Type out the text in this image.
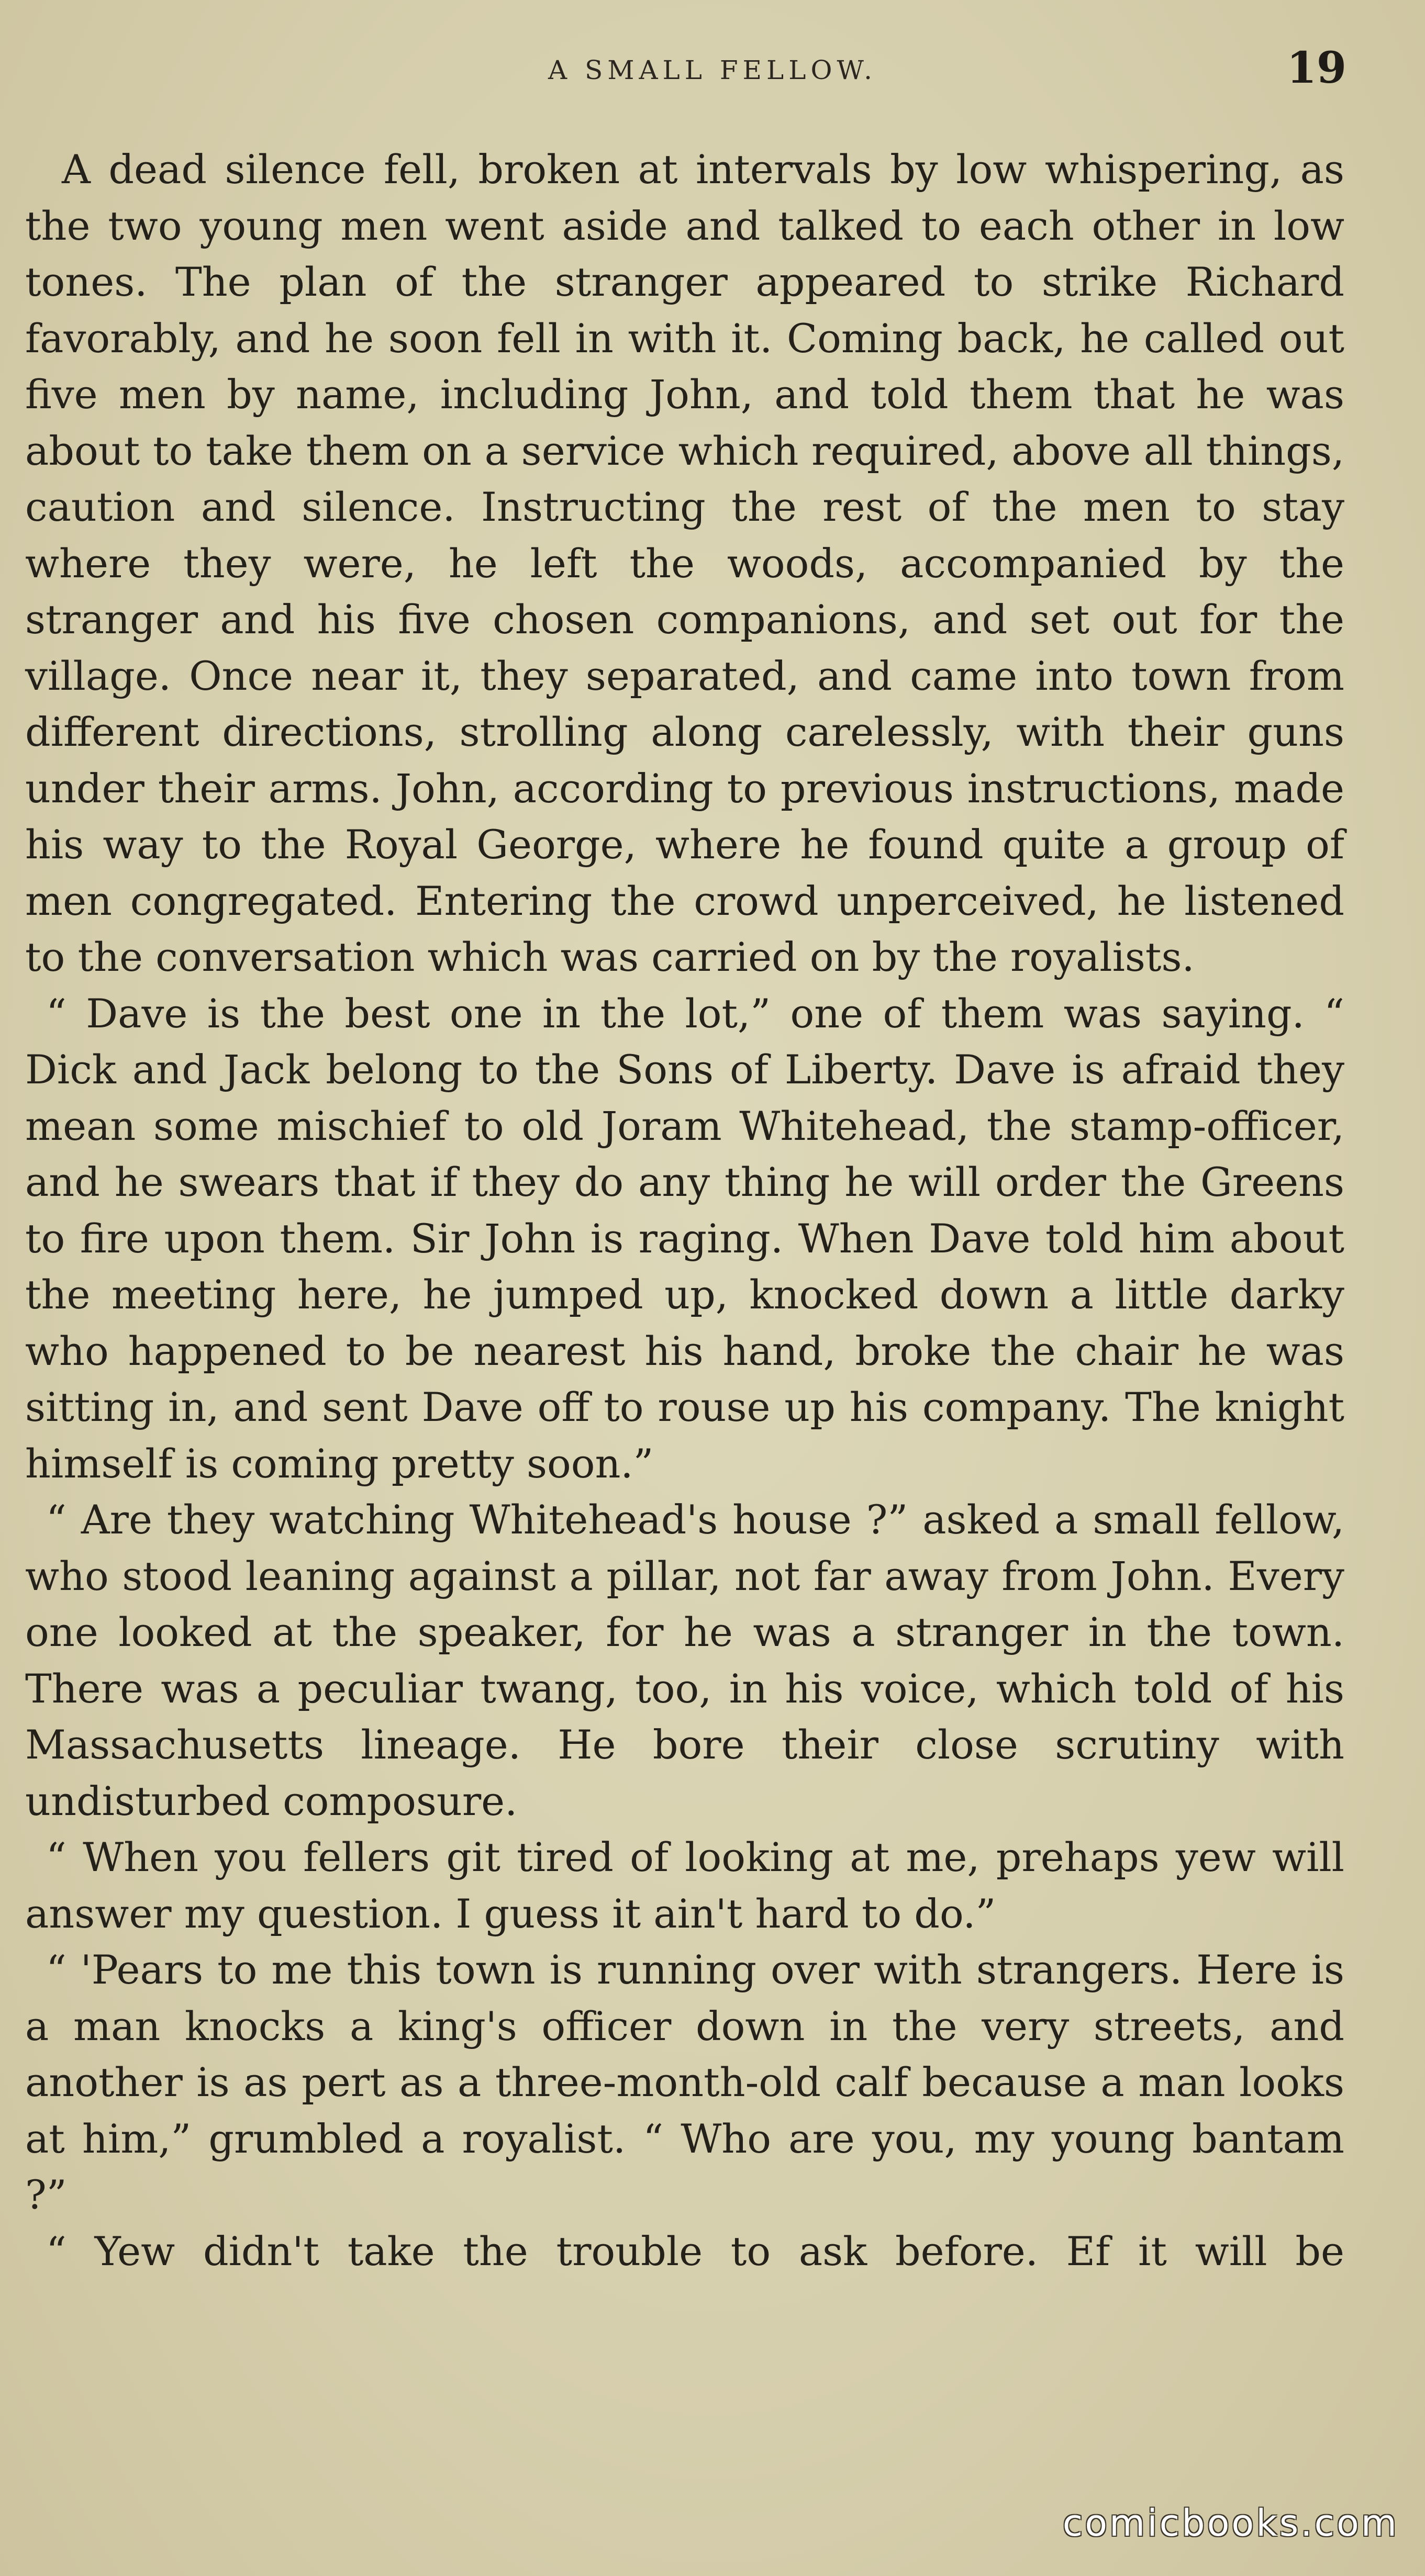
A SMALL FELLOW.	19

A dead silence fell, broken at intervals by low whispering, as the two young men went aside and talked to each other in low tones. The plan of the stranger appeared to strike Richard favorably, and he soon fell in with it. Coming back, he called out five men by name, including John, and told them that he was about to take them on a service which required, above all things, caution and silence. Instructing the rest of the men to stay where they were, he left the woods, accompanied by the stranger and his five chosen companions, and set out for the village. Once near it, they separated, and came into town from different directions, strolling along carelessly, with their guns under their arms. John, according to previous instructions, made his way to the Royal George, where he found quite a group of men congregated. Entering the crowd unperceived, he listened to the conversation which was carried on by the royalists.

“ Dave is the best one in the lot,” one of them was saying. “ Dick and Jack belong to the Sons of Liberty. Dave is afraid they mean some mischief to old Joram Whitehead, the stamp-officer, and he swears that if they do any thing he will order the Greens to fire upon them. Sir John is raging. When Dave told him about the meeting here, he jumped up, knocked down a little darky who happened to be nearest his hand, broke the chair he was sitting in, and sent Dave off to rouse up his company. The knight himself is coming pretty soon.”

“ Are they watching Whitehead's house ?” asked a small fellow, who stood leaning against a pillar, not far away from John. Every one looked at the speaker, for he was a stranger in the town. There was a peculiar twang, too, in his voice, which told of his Massachusetts lineage. He bore their close scrutiny with undisturbed composure.

“ When you fellers git tired of looking at me, prehaps yew will answer my question. I guess it ain't hard to do.”

“ 'Pears to me this town is running over with strangers. Here is a man knocks a king's officer down in the very streets, and another is as pert as a three-month-old calf because a man looks at him,” grumbled a royalist. “ Who are you, my young bantam ?”

“ Yew didn't take the trouble to ask before. Ef it will be

comicbooks.com
